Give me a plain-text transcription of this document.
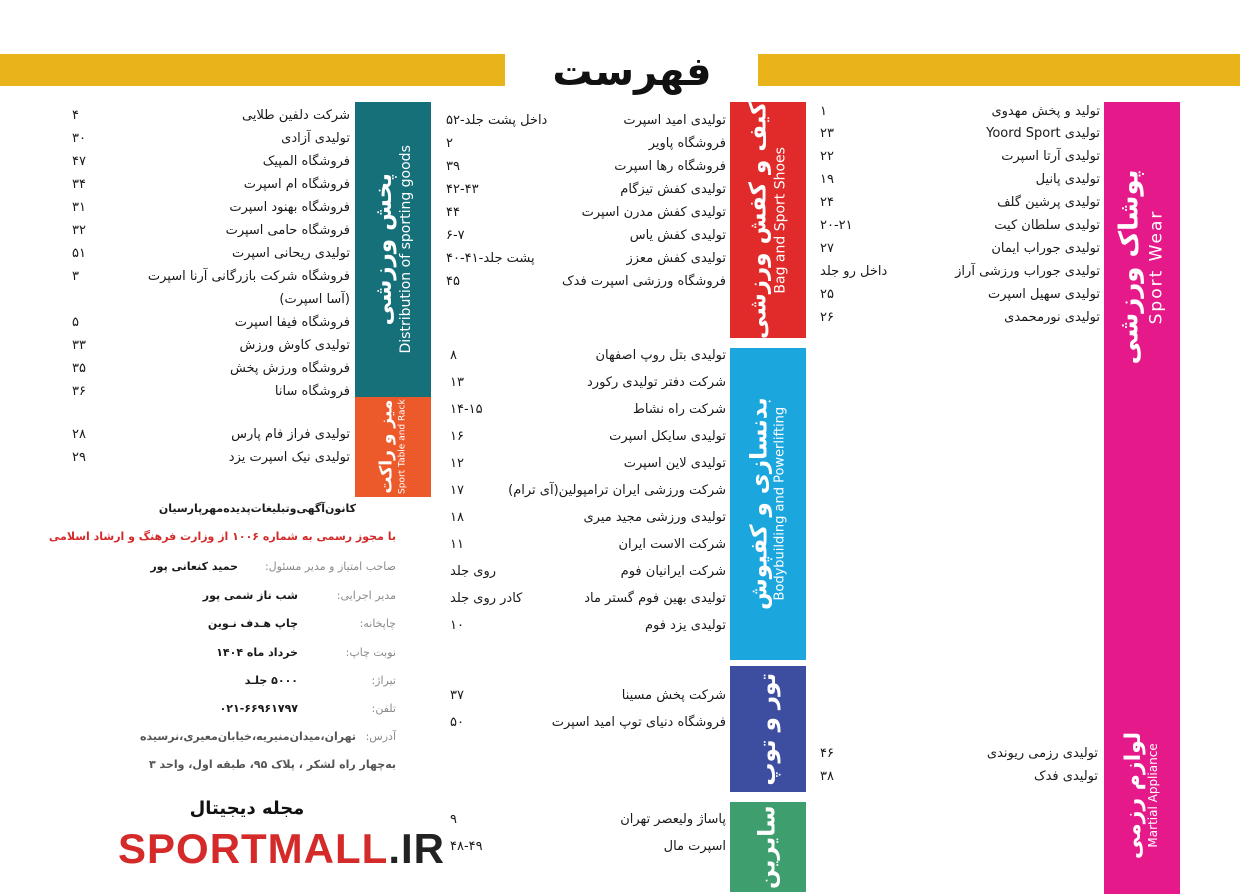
فهرست
پوشاک ورزشی Sport Wear
لوازم رزمی Martial Appliance
کیف و کفش ورزشی Bag and Sport Shoes
بدنسازی و کفپوش Bodybuilding and Powerlifting
تور و توپ
سایرین
پخش ورزشی Distribution of sporting goods
میز و راکت Sport Table and Rack
تولید و پخش مهدوی
۱
تولیدی Yoord Sport
۲۳
تولیدی آرتا اسپرت
۲۲
تولیدی پانیل
۱۹
تولیدی پرشین گلف
۲۴
تولیدی سلطان کیت
۲۰-۲۱
تولیدی جوراب ایمان
۲۷
تولیدی جوراب ورزشی آراز
داخل رو جلد
تولیدی سهیل اسپرت
۲۵
تولیدی نورمحمدی
۲۶
تولیدی رزمی ریوندی
۴۶
تولیدی فدک
۳۸
تولیدی امید اسپرت
داخل پشت جلد-۵۲
فروشگاه پاویر
۲
فروشگاه رها اسپرت
۳۹
تولیدی کفش تیزگام
۴۲-۴۳
تولیدی کفش مدرن اسپرت
۴۴
تولیدی کفش یاس
۶-۷
تولیدی کفش معزز
پشت جلد-۴۱-۴۰
فروشگاه ورزشی اسپرت فدک
۴۵
تولیدی بتل روپ اصفهان
۸
شرکت دفتر تولیدی رکورد
۱۳
شرکت راه نشاط
۱۴-۱۵
تولیدی سایکل اسپرت
۱۶
تولیدی لاین اسپرت
۱۲
شرکت ورزشی ایران ترامپولین(آی ترام)
۱۷
تولیدی ورزشی مجید میری
۱۸
شرکت الاست ایران
۱۱
شرکت ایرانیان فوم
روی جلد
تولیدی بهین فوم گستر ماد
کادر روی جلد
تولیدی یزد فوم
۱۰
شرکت پخش مسینا
۳۷
فروشگاه دنیای توپ امید اسپرت
۵۰
پاساژ ولیعصر تهران
۹
اسپرت مال
۴۸-۴۹
شرکت دلفین طلایی
۴
تولیدی آزادی
۳۰
فروشگاه المپیک
۴۷
فروشگاه ام اسپرت
۳۴
فروشگاه بهنود اسپرت
۳۱
فروشگاه حامی اسپرت
۳۲
تولیدی ریحانی اسپرت
۵۱
فروشگاه شرکت بازرگانی آرنا اسپرت
۳
(آسا اسپرت)
فروشگاه فیفا اسپرت
۵
تولیدی کاوش ورزش
۳۳
فروشگاه ورزش پخش
۳۵
فروشگاه سانا
۳۶
تولیدی فراز فام پارس
۲۸
تولیدی نیک اسپرت یزد
۲۹
کانون‌آگهی‌وتبلیغات‌پدیده‌مهرپارسیان
با مجوز رسمی به شماره ۱۰۰۶ از وزارت فرهنگ و ارشاد اسلامی
صاحب امتیاز و مدیر مسئول:
حمید کنعانی پور
مدیر اجرایی:
شب ناز شمی پور
چاپخانه:
چاپ هـدف نـوین
نوبت چاپ:
خرداد ماه ۱۴۰۴
تیراژ:
۵۰۰۰ جلـد
تلفن:
۰۲۱-۶۶۹۶۱۷۹۷
آدرس:
تهران،میدان‌منیریه،خیابان‌معیری،نرسیده
به‌چهار راه لشکر ، پلاک ۹۵، طبقه اول، واحد ۳
مجله دیجیتال
SPORTMALL.IR
